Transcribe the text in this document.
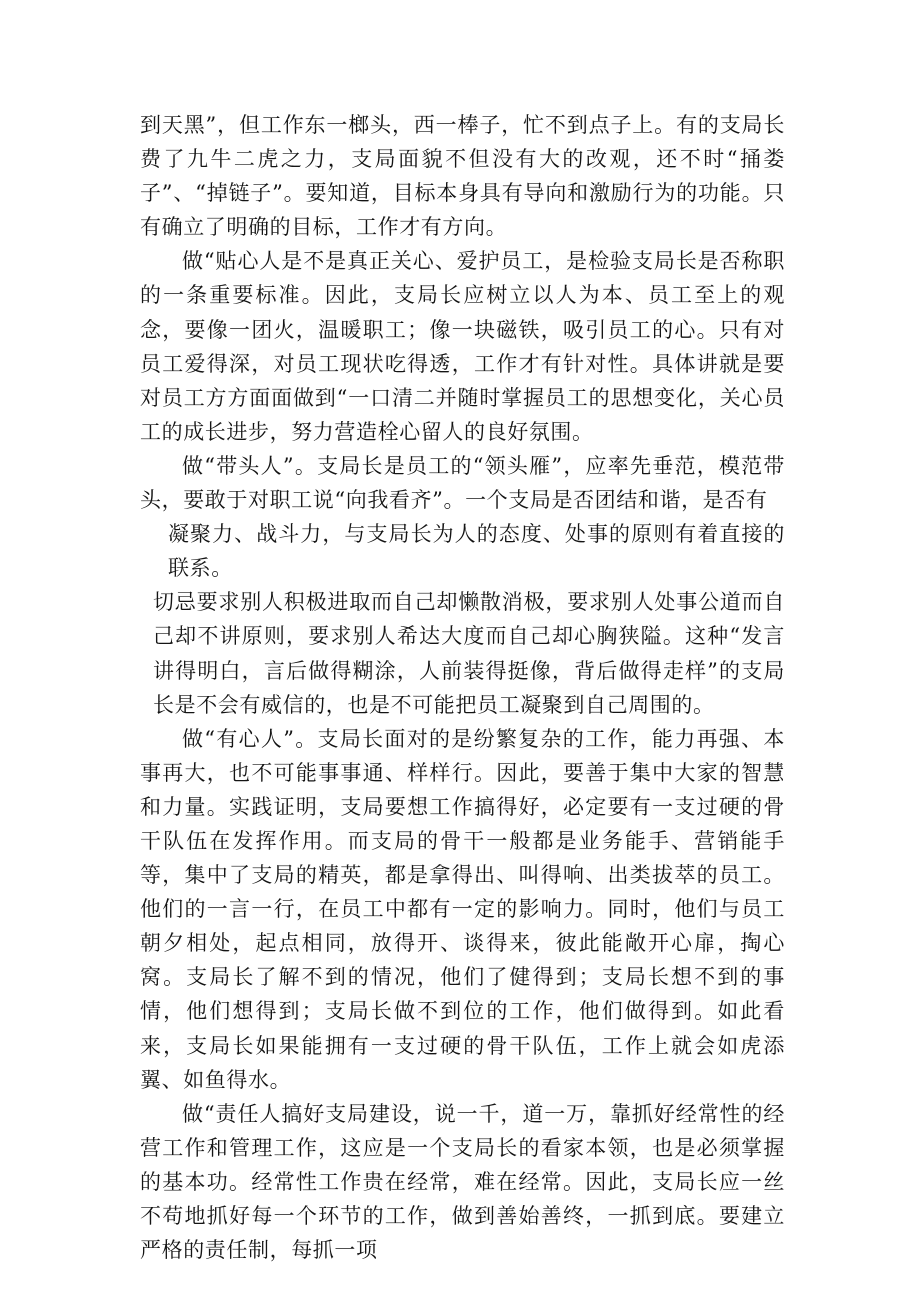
到天黑”，但工作东一榔头，西一棒子，忙不到点子上。有的支局长费了九牛二虎之力，支局面貌不但没有大的改观，还不时“捅娄子”、“掉链子”。要知道，目标本身具有导向和激励行为的功能。只有确立了明确的目标，工作才有方向。

做“贴心人是不是真正关心、爱护员工，是检验支局长是否称职的一条重要标准。因此，支局长应树立以人为本、员工至上的观念，要像一团火，温暖职工；像一块磁铁，吸引员工的心。只有对员工爱得深，对员工现状吃得透，工作才有针对性。具体讲就是要对员工方方面面做到“一口清二并随时掌握员工的思想变化，关心员工的成长进步，努力营造栓心留人的良好氛围。

做“带头人”。支局长是员工的“领头雁”，应率先垂范，模范带头，要敢于对职工说“向我看齐”。一个支局是否团结和谐，是否有

凝聚力、战斗力，与支局长为人的态度、处事的原则有着直接的联系。
切忌要求别人积极进取而自己却懒散消极，要求别人处事公道而自己却不讲原则，要求别人希达大度而自己却心胸狭隘。这种“发言讲得明白，言后做得糊涂，人前装得挺像，背后做得走样”的支局长是不会有威信的，也是不可能把员工凝聚到自己周围的。

做“有心人”。支局长面对的是纷繁复杂的工作，能力再强、本事再大，也不可能事事通、样样行。因此，要善于集中大家的智慧和力量。实践证明，支局要想工作搞得好，必定要有一支过硬的骨干队伍在发挥作用。而支局的骨干一般都是业务能手、营销能手等，集中了支局的精英，都是拿得出、叫得响、出类拔萃的员工。他们的一言一行，在员工中都有一定的影响力。同时，他们与员工朝夕相处，起点相同，放得开、谈得来，彼此能敞开心扉，掏心窝。支局长了解不到的情况，他们了健得到；支局长想不到的事情，他们想得到；支局长做不到位的工作，他们做得到。如此看来，支局长如果能拥有一支过硬的骨干队伍，工作上就会如虎添翼、如鱼得水。

做“责任人搞好支局建设，说一千，道一万，靠抓好经常性的经营工作和管理工作，这应是一个支局长的看家本领，也是必须掌握的基本功。经常性工作贵在经常，难在经常。因此，支局长应一丝不苟地抓好每一个环节的工作，做到善始善终，一抓到底。要建立严格的责任制，每抓一项
